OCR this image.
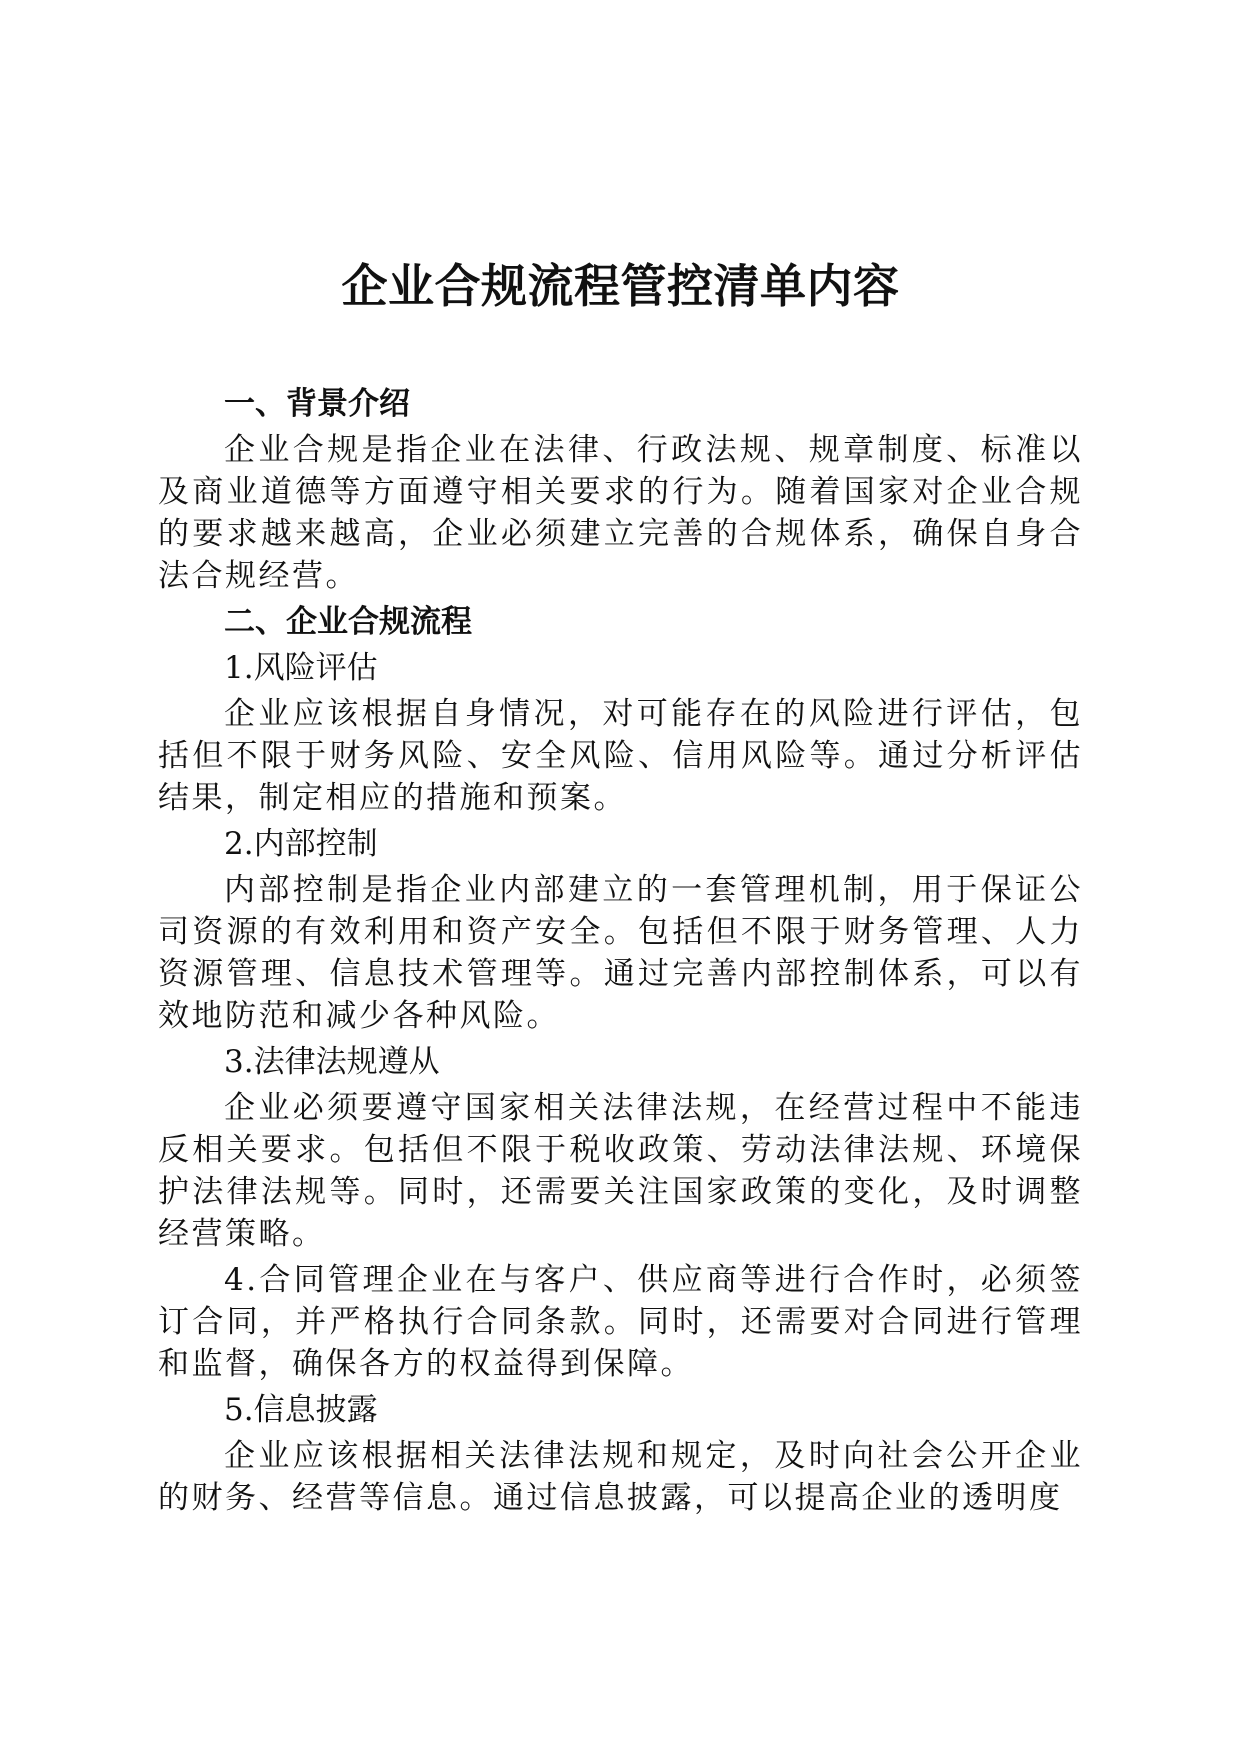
企业合规流程管控清单内容

一、背景介绍

企业合规是指企业在法律、行政法规、规章制度、标准以及商业道德等方面遵守相关要求的行为。随着国家对企业合规的要求越来越高，企业必须建立完善的合规体系，确保自身合法合规经营。

二、企业合规流程

1.风险评估

企业应该根据自身情况，对可能存在的风险进行评估，包括但不限于财务风险、安全风险、信用风险等。通过分析评估结果，制定相应的措施和预案。

2.内部控制

内部控制是指企业内部建立的一套管理机制，用于保证公司资源的有效利用和资产安全。包括但不限于财务管理、人力资源管理、信息技术管理等。通过完善内部控制体系，可以有效地防范和减少各种风险。

3.法律法规遵从

企业必须要遵守国家相关法律法规，在经营过程中不能违反相关要求。包括但不限于税收政策、劳动法律法规、环境保护法律法规等。同时，还需要关注国家政策的变化，及时调整经营策略。

4.合同管理企业在与客户、供应商等进行合作时，必须签订合同，并严格执行合同条款。同时，还需要对合同进行管理和监督，确保各方的权益得到保障。

5.信息披露

企业应该根据相关法律法规和规定，及时向社会公开企业的财务、经营等信息。通过信息披露，可以提高企业的透明度
